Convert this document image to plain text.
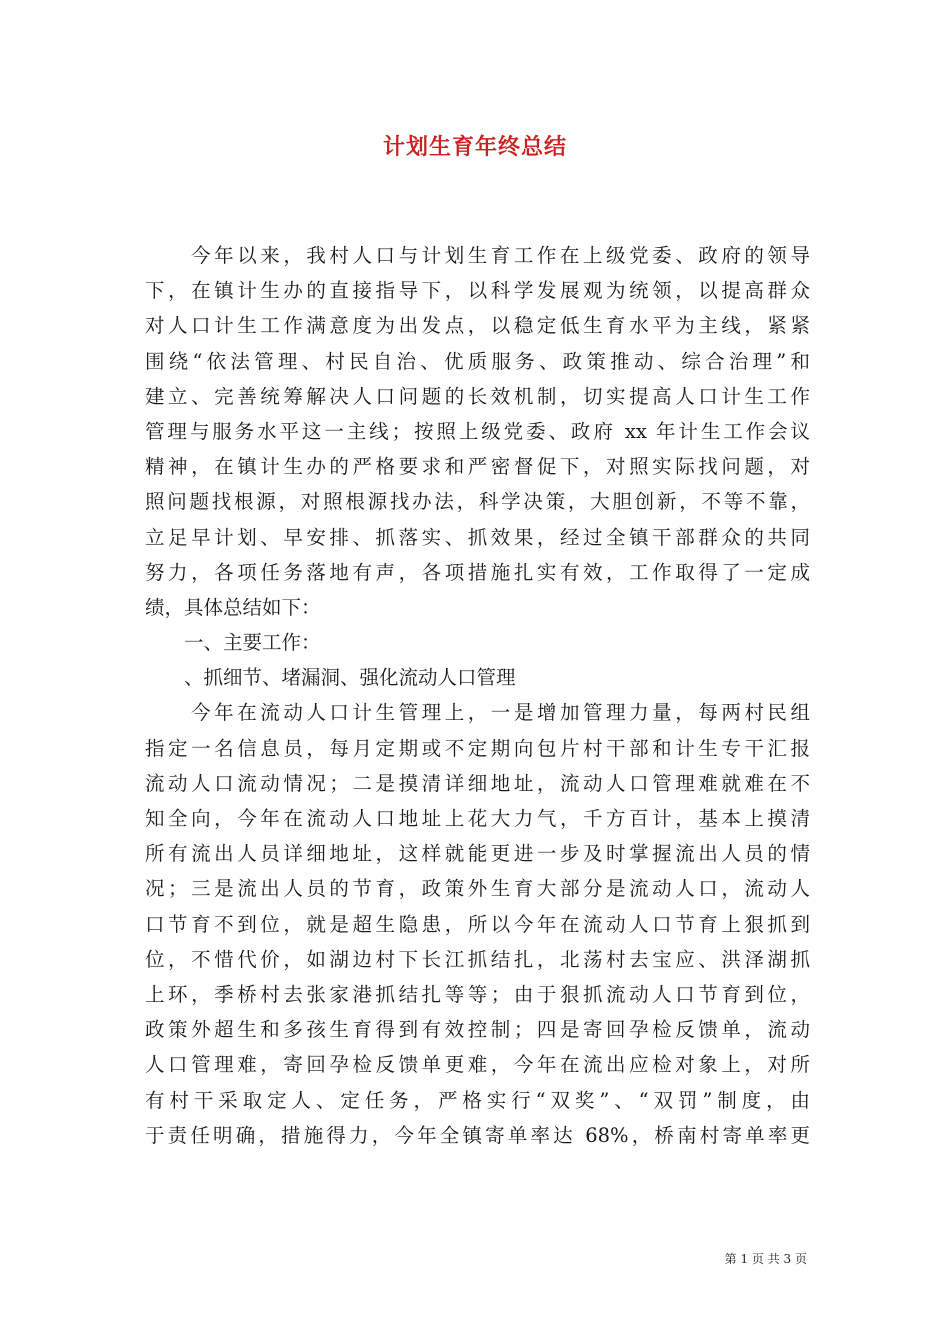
计划生育年终总结
　　今年以来，我村人口与计划生育工作在上级党委、政府的领导
下，在镇计生办的直接指导下，以科学发展观为统领，以提高群众
对人口计生工作满意度为出发点，以稳定低生育水平为主线，紧紧
围绕“依法管理、村民自治、优质服务、政策推动、综合治理”和
建立、完善统筹解决人口问题的长效机制，切实提高人口计生工作
管理与服务水平这一主线；按照上级党委、政府 xx 年计生工作会议
精神，在镇计生办的严格要求和严密督促下，对照实际找问题，对
照问题找根源，对照根源找办法，科学决策，大胆创新，不等不靠，
立足早计划、早安排、抓落实、抓效果，经过全镇干部群众的共同
努力，各项任务落地有声，各项措施扎实有效，工作取得了一定成
绩，具体总结如下：
　　一、主要工作：
　　、抓细节、堵漏洞、强化流动人口管理
　　今年在流动人口计生管理上，一是增加管理力量，每两村民组
指定一名信息员，每月定期或不定期向包片村干部和计生专干汇报
流动人口流动情况；二是摸清详细地址，流动人口管理难就难在不
知全向，今年在流动人口地址上花大力气，千方百计，基本上摸清
所有流出人员详细地址，这样就能更进一步及时掌握流出人员的情
况；三是流出人员的节育，政策外生育大部分是流动人口，流动人
口节育不到位，就是超生隐患，所以今年在流动人口节育上狠抓到
位，不惜代价，如湖边村下长江抓结扎，北荡村去宝应、洪泽湖抓
上环，季桥村去张家港抓结扎等等；由于狠抓流动人口节育到位，
政策外超生和多孩生育得到有效控制；四是寄回孕检反馈单，流动
人口管理难，寄回孕检反馈单更难，今年在流出应检对象上，对所
有村干采取定人、定任务，严格实行“双奖”、“双罚”制度，由
于责任明确，措施得力，今年全镇寄单率达 68%，桥南村寄单率更
第 1 页 共 3 页
